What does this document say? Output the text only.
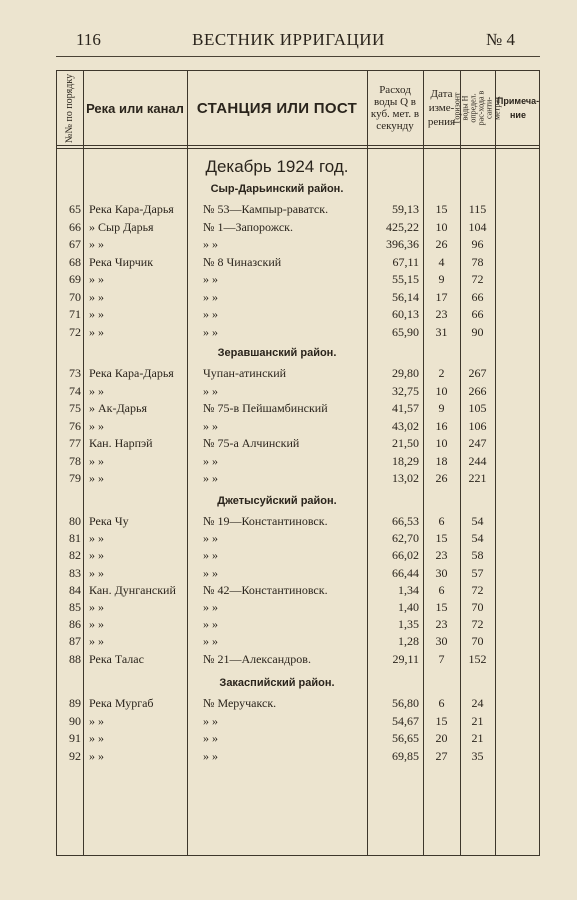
116	ВЕСТНИК ИРРИГАЦИИ	№ 4
№№ по порядку Река или канал СТАНЦИЯ ИЛИ ПОСТ
Расход воды Q в куб. мет. в секунду
Дата изме-рения
Горизонт воды H определ. рас-хода в санти-метрах
Примеча-ние
Декабрь 1924 год.
Сыр-Дарьинский район.
65 Река Кара-Дарья	№ 53—Кампыр-раватск.	59,13	15	115
66 » Сыр Дарья	№ 1—Запорожск.	425,22	10	104
67 » »	» »	396,36	26	96
68 Река Чирчик	№ 8 Чиназский	67,11	4	78
69 » »	» »	55,15	9	72
70 » »	» »	56,14	17	66
71 » »	» »	60,13	23	66
72 » »	» »	65,90	31	90
Зеравшанский район.
73 Река Кара-Дарья	Чупан-атинский	29,80	2	267
74 » »	» »	32,75	10	266
75 » Ак-Дарья	№ 75-в Пейшамбинский	41,57	9	105
76 » »	» »	43,02	16	106
77 Кан. Нарпэй	№ 75-а Алчинский	21,50	10	247
78 » »	» »	18,29	18	244
79 » »	» »	13,02	26	221
Джетысуйский район.
80 Река Чу	№ 19—Константиновск.	66,53	6	54
81 » »	» »	62,70	15	54
82 » »	» »	66,02	23	58
83 » »	» »	66,44	30	57
84 Кан. Дунганский	№ 42—Константиновск.	1,34	6	72
85 » »	» »	1,40	15	70
86 » »	» »	1,35	23	72
87 » »	» »	1,28	30	70
88 Река Талас	№ 21—Александров.	29,11	7	152
Закаспийский район.
89 Река Мургаб	№ Меручакск.	56,80	6	24
90 » »	» »	54,67	15	21
91 » »	» »	56,65	20	21
92 » »	» »	69,85	27	35
